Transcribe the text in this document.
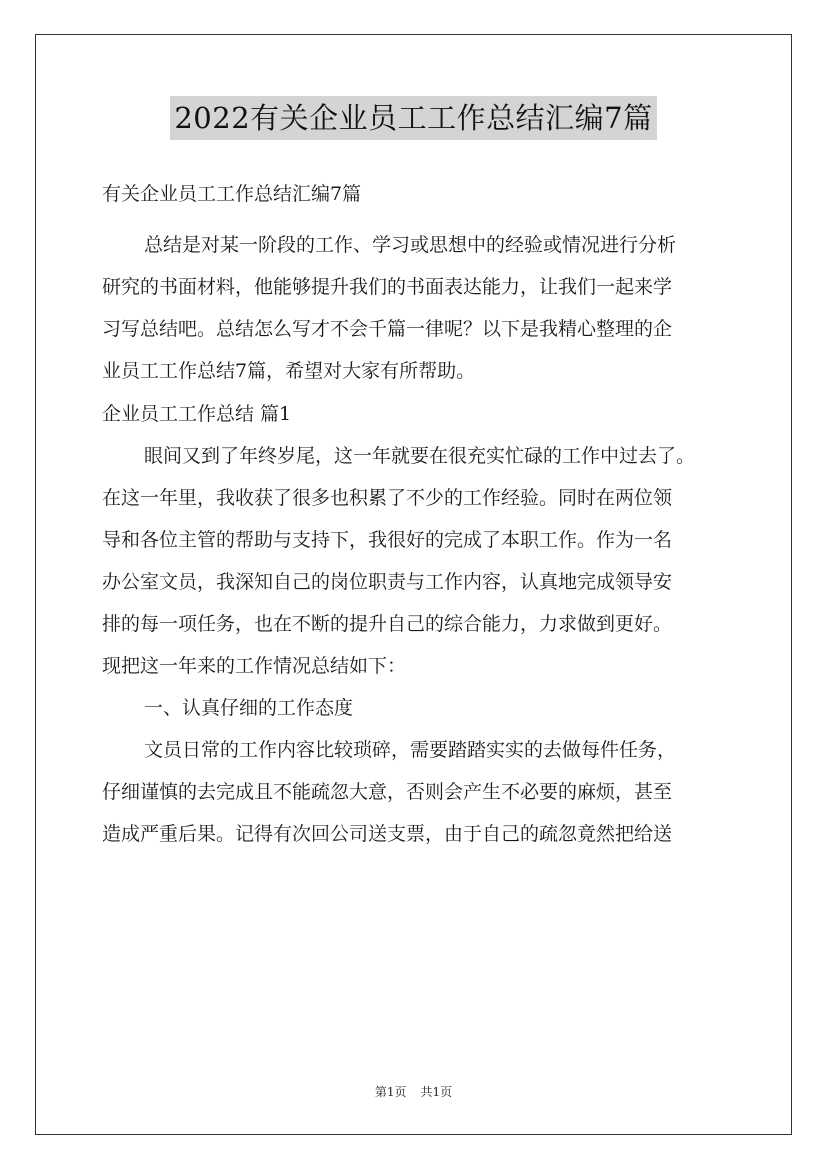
2022有关企业员工工作总结汇编7篇
有关企业员工工作总结汇编7篇
总结是对某一阶段的工作、学习或思想中的经验或情况进行分析
研究的书面材料，他能够提升我们的书面表达能力，让我们一起来学
习写总结吧。总结怎么写才不会千篇一律呢？以下是我精心整理的企
业员工工作总结7篇，希望对大家有所帮助。
企业员工工作总结 篇1
眼间又到了年终岁尾，这一年就要在很充实忙碌的工作中过去了。
在这一年里，我收获了很多也积累了不少的工作经验。同时在两位领
导和各位主管的帮助与支持下，我很好的完成了本职工作。作为一名
办公室文员，我深知自己的岗位职责与工作内容，认真地完成领导安
排的每一项任务，也在不断的提升自己的综合能力，力求做到更好。
现把这一年来的工作情况总结如下：
一、认真仔细的工作态度
文员日常的工作内容比较琐碎，需要踏踏实实的去做每件任务，
仔细谨慎的去完成且不能疏忽大意，否则会产生不必要的麻烦，甚至
造成严重后果。记得有次回公司送支票，由于自己的疏忽竟然把给送
第1页 共1页
